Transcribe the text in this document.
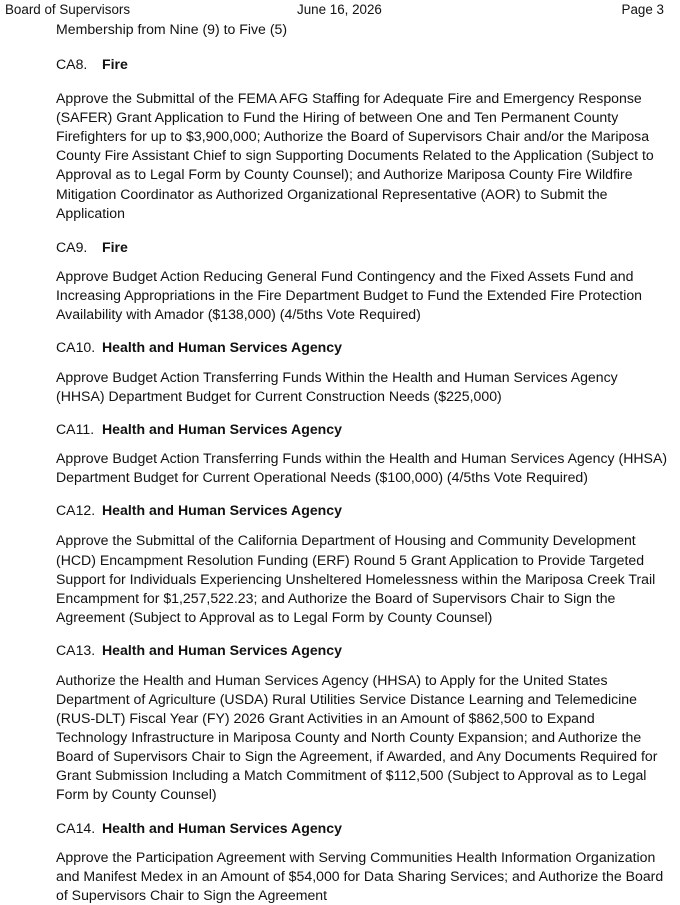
Board of Supervisors	June 16, 2026	Page 3

Membership from Nine (9) to Five (5)

CA8. Fire

Approve the Submittal of the FEMA AFG Staffing for Adequate Fire and Emergency Response (SAFER) Grant Application to Fund the Hiring of between One and Ten Permanent County Firefighters for up to $3,900,000; Authorize the Board of Supervisors Chair and/or the Mariposa County Fire Assistant Chief to sign Supporting Documents Related to the Application (Subject to Approval as to Legal Form by County Counsel); and Authorize Mariposa County Fire Wildfire Mitigation Coordinator as Authorized Organizational Representative (AOR) to Submit the Application

CA9. Fire

Approve Budget Action Reducing General Fund Contingency and the Fixed Assets Fund and Increasing Appropriations in the Fire Department Budget to Fund the Extended Fire Protection Availability with Amador ($138,000) (4/5ths Vote Required)

CA10. Health and Human Services Agency

Approve Budget Action Transferring Funds Within the Health and Human Services Agency (HHSA) Department Budget for Current Construction Needs ($225,000)

CA11. Health and Human Services Agency

Approve Budget Action Transferring Funds within the Health and Human Services Agency (HHSA) Department Budget for Current Operational Needs ($100,000) (4/5ths Vote Required)

CA12. Health and Human Services Agency

Approve the Submittal of the California Department of Housing and Community Development (HCD) Encampment Resolution Funding (ERF) Round 5 Grant Application to Provide Targeted Support for Individuals Experiencing Unsheltered Homelessness within the Mariposa Creek Trail Encampment for $1,257,522.23; and Authorize the Board of Supervisors Chair to Sign the Agreement (Subject to Approval as to Legal Form by County Counsel)

CA13. Health and Human Services Agency

Authorize the Health and Human Services Agency (HHSA) to Apply for the United States Department of Agriculture (USDA) Rural Utilities Service Distance Learning and Telemedicine (RUS-DLT) Fiscal Year (FY) 2026 Grant Activities in an Amount of $862,500 to Expand Technology Infrastructure in Mariposa County and North County Expansion; and Authorize the Board of Supervisors Chair to Sign the Agreement, if Awarded, and Any Documents Required for Grant Submission Including a Match Commitment of $112,500 (Subject to Approval as to Legal Form by County Counsel)

CA14. Health and Human Services Agency

Approve the Participation Agreement with Serving Communities Health Information Organization and Manifest Medex in an Amount of $54,000 for Data Sharing Services; and Authorize the Board of Supervisors Chair to Sign the Agreement
